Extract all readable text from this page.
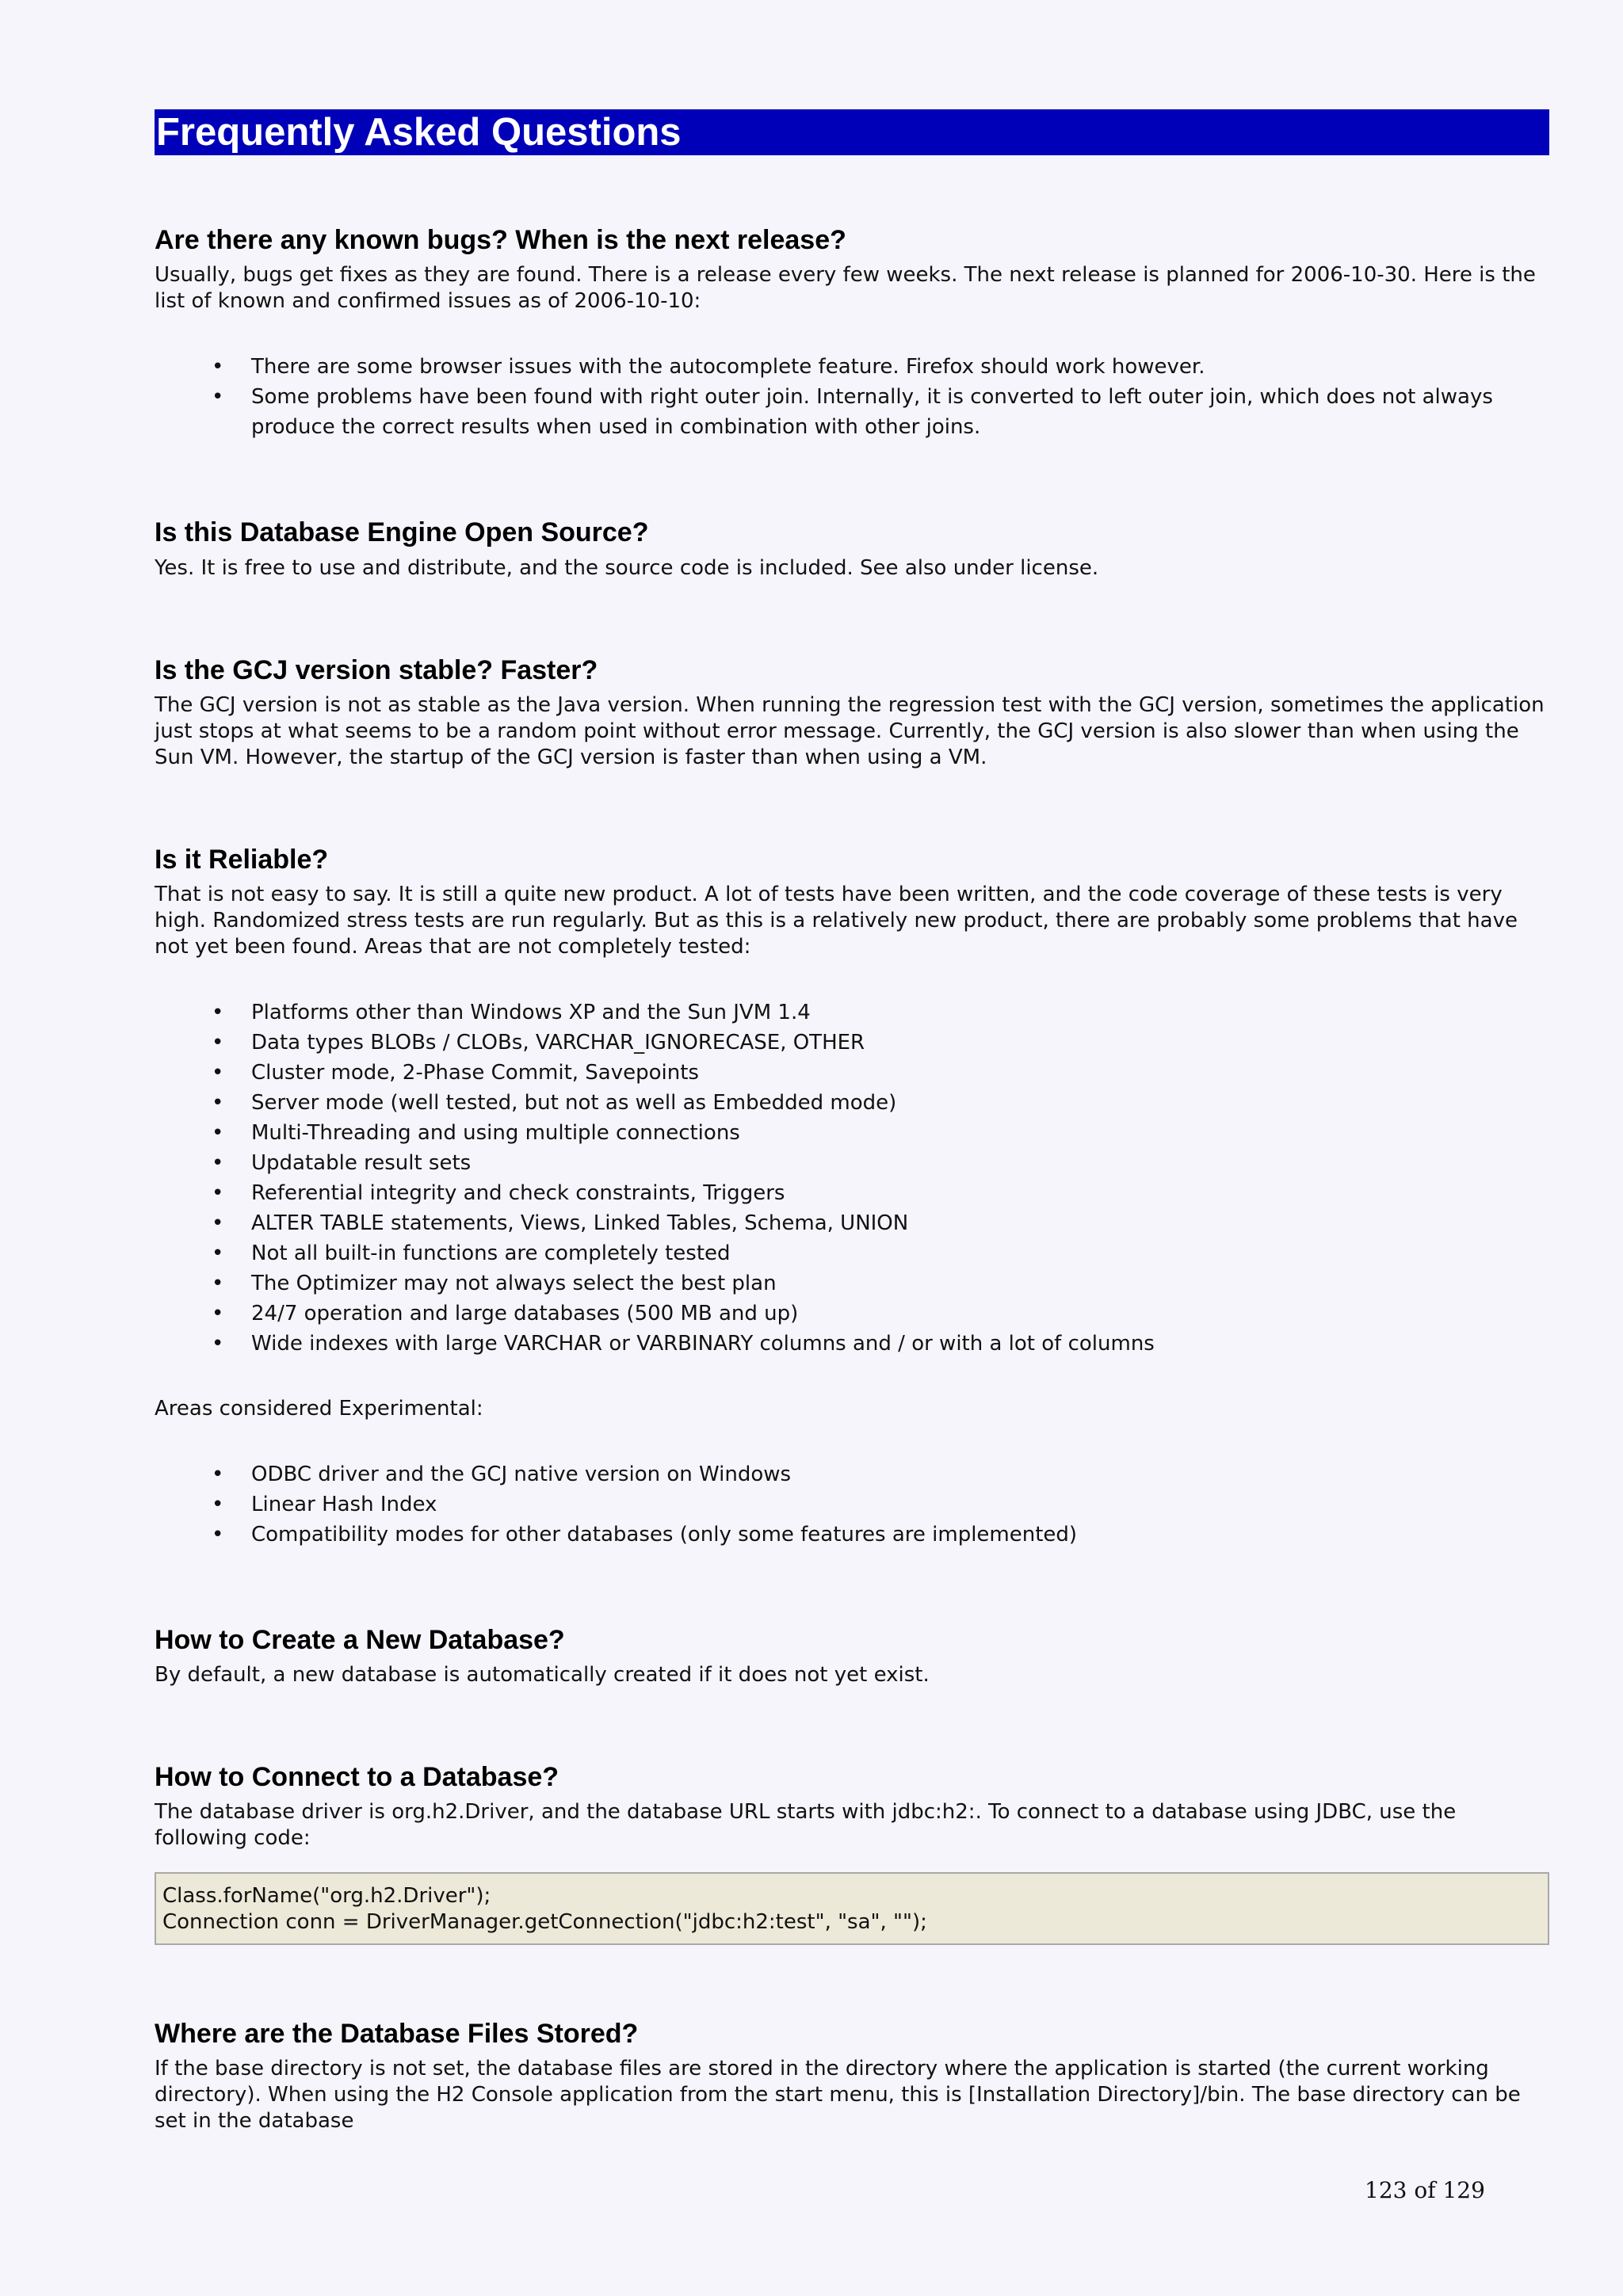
Frequently Asked Questions
Are there any known bugs? When is the next release?

Usually, bugs get fixes as they are found. There is a release every few weeks. The next release is planned for 2006-10-30. Here is the list of known and confirmed issues as of 2006-10-10:

• There are some browser issues with the autocomplete feature. Firefox should work however.
• Some problems have been found with right outer join. Internally, it is converted to left outer join, which does not always produce the correct results when used in combination with other joins.
Is this Database Engine Open Source?

Yes. It is free to use and distribute, and the source code is included. See also under license.

Is the GCJ version stable? Faster?

The GCJ version is not as stable as the Java version. When running the regression test with the GCJ version, sometimes the application just stops at what seems to be a random point without error message. Currently, the GCJ version is also slower than when using the Sun VM. However, the startup of the GCJ version is faster than when using a VM.

Is it Reliable?

That is not easy to say. It is still a quite new product. A lot of tests have been written, and the code coverage of these tests is very high. Randomized stress tests are run regularly. But as this is a relatively new product, there are probably some problems that have not yet been found. Areas that are not completely tested:

• Platforms other than Windows XP and the Sun JVM 1.4
• Data types BLOBs / CLOBs, VARCHAR_IGNORECASE, OTHER
• Cluster mode, 2-Phase Commit, Savepoints
• Server mode (well tested, but not as well as Embedded mode)
• Multi-Threading and using multiple connections
• Updatable result sets
• Referential integrity and check constraints, Triggers
• ALTER TABLE statements, Views, Linked Tables, Schema, UNION
• Not all built-in functions are completely tested
• The Optimizer may not always select the best plan
• 24/7 operation and large databases (500 MB and up)
• Wide indexes with large VARCHAR or VARBINARY columns and / or with a lot of columns

Areas considered Experimental:

• ODBC driver and the GCJ native version on Windows
• Linear Hash Index
• Compatibility modes for other databases (only some features are implemented)
How to Create a New Database?

By default, a new database is automatically created if it does not yet exist.

How to Connect to a Database?

The database driver is org.h2.Driver, and the database URL starts with jdbc:h2:. To connect to a database using JDBC, use the following code:

Class.forName("org.h2.Driver");
Connection conn = DriverManager.getConnection("jdbc:h2:test", "sa", "");
Where are the Database Files Stored?

If the base directory is not set, the database files are stored in the directory where the application is started (the current working directory). When using the H2 Console application from the start menu, this is [Installation Directory]/bin. The base directory can be set in the database

123 of 129
